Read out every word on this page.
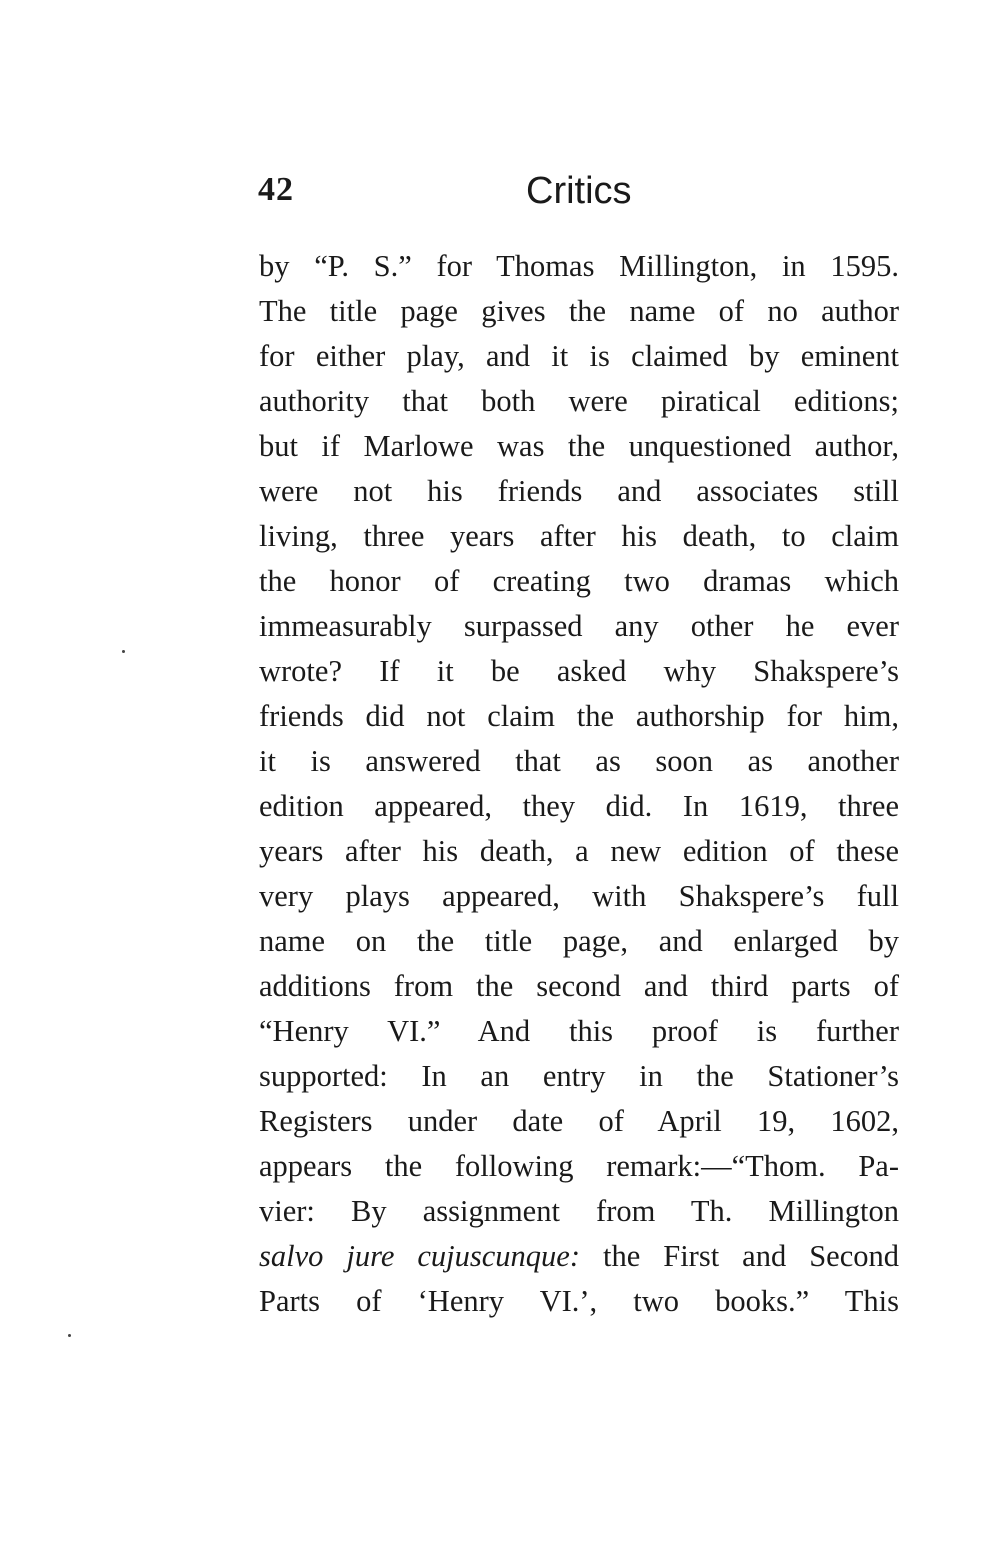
42	Critics
by “P. S.” for Thomas Millington, in 1595.
The title page gives the name of no author
for either play, and it is claimed by eminent
authority that both were piratical editions;
but if Marlowe was the unquestioned author,
were not his friends and associates still
living, three years after his death, to claim
the honor of creating two dramas which
immeasurably surpassed any other he ever
wrote? If it be asked why Shakspere’s
friends did not claim the authorship for him,
it is answered that as soon as another
edition appeared, they did. In 1619, three
years after his death, a new edition of these
very plays appeared, with Shakspere’s full
name on the title page, and enlarged by
additions from the second and third parts of
“Henry VI.” And this proof is further
supported: In an entry in the Stationer’s
Registers under date of April 19, 1602,
appears the following remark:—“Thom. Pa-
vier: By assignment from Th. Millington
salvo jure cujuscunque: the First and Second
Parts of ‘Henry VI.’, two books.” This
